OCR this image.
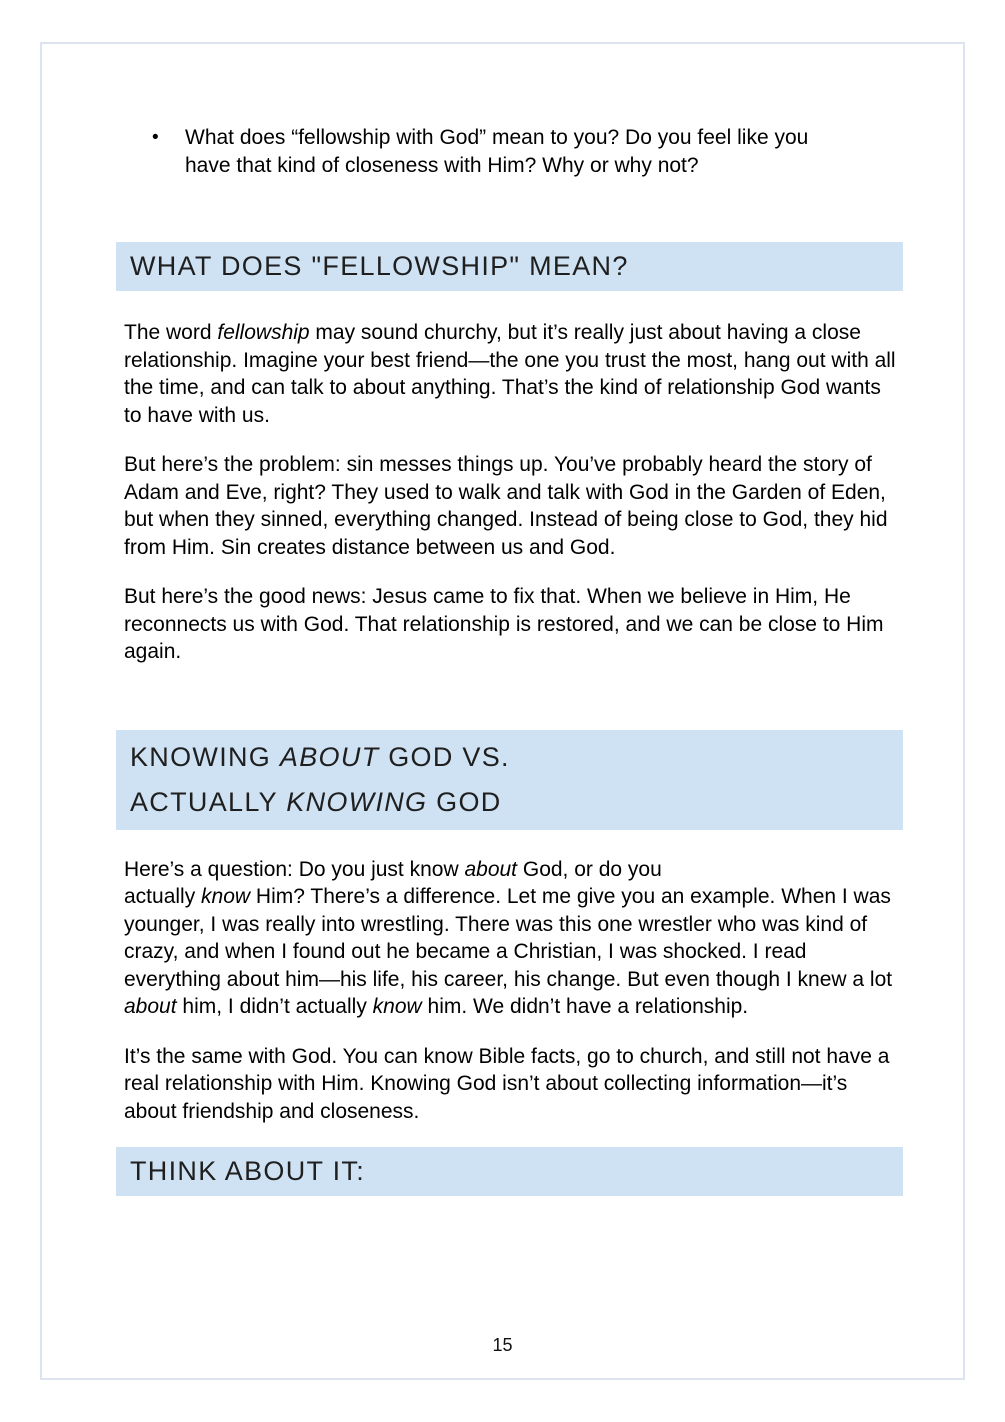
•	What does “fellowship with God” mean to you? Do you feel like you have that kind of closeness with Him? Why or why not?
WHAT DOES "FELLOWSHIP" MEAN?

The word fellowship may sound churchy, but it’s really just about having a close relationship. Imagine your best friend—the one you trust the most, hang out with all the time, and can talk to about anything. That’s the kind of relationship God wants to have with us.

But here’s the problem: sin messes things up. You’ve probably heard the story of Adam and Eve, right? They used to walk and talk with God in the Garden of Eden, but when they sinned, everything changed. Instead of being close to God, they hid from Him. Sin creates distance between us and God.

But here’s the good news: Jesus came to fix that. When we believe in Him, He reconnects us with God. That relationship is restored, and we can be close to Him again.

KNOWING ABOUT GOD VS.
ACTUALLY KNOWING GOD

Here’s a question: Do you just know about God, or do you
actually know Him? There’s a difference. Let me give you an example. When I was younger, I was really into wrestling. There was this one wrestler who was kind of crazy, and when I found out he became a Christian, I was shocked. I read everything about him—his life, his career, his change. But even though I knew a lot about him, I didn’t actually know him. We didn’t have a relationship.

It’s the same with God. You can know Bible facts, go to church, and still not have a real relationship with Him. Knowing God isn’t about collecting information—it’s about friendship and closeness.

THINK ABOUT IT:
15
